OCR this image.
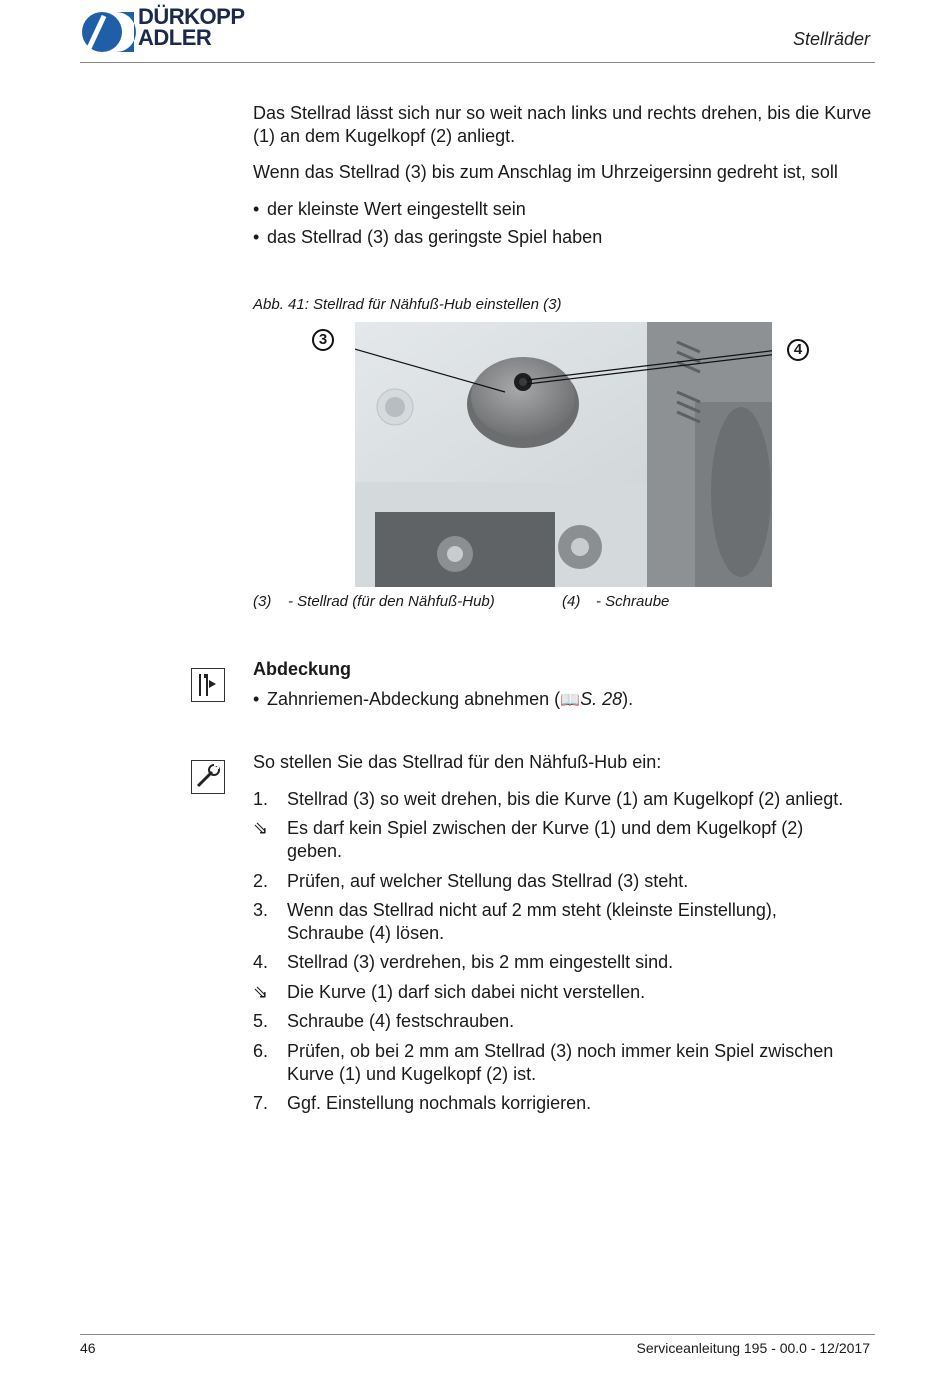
DÜRKOPP
ADLER	Stellräder
Das Stellrad lässt sich nur so weit nach links und rechts drehen, bis die Kurve (1) an dem Kugelkopf (2) anliegt.
Wenn das Stellrad (3) bis zum Anschlag im Uhrzeigersinn gedreht ist, soll
• der kleinste Wert eingestellt sein
• das Stellrad (3) das geringste Spiel haben
Abb. 41: Stellrad für Nähfuß-Hub einstellen (3)
3
4
(3) - Stellrad (für den Nähfuß-Hub)	(4) - Schraube
Abdeckung
• Zahnriemen-Abdeckung abnehmen (📖S. 28).
So stellen Sie das Stellrad für den Nähfuß-Hub ein:
1. Stellrad (3) so weit drehen, bis die Kurve (1) am Kugelkopf (2) anliegt.
⇘ Es darf kein Spiel zwischen der Kurve (1) und dem Kugelkopf (2) geben.
2. Prüfen, auf welcher Stellung das Stellrad (3) steht.
3. Wenn das Stellrad nicht auf 2 mm steht (kleinste Einstellung), Schraube (4) lösen.
4. Stellrad (3) verdrehen, bis 2 mm eingestellt sind.
⇘ Die Kurve (1) darf sich dabei nicht verstellen.
5. Schraube (4) festschrauben.
6. Prüfen, ob bei 2 mm am Stellrad (3) noch immer kein Spiel zwischen Kurve (1) und Kugelkopf (2) ist.
7. Ggf. Einstellung nochmals korrigieren.
46	Serviceanleitung 195 - 00.0 - 12/2017
